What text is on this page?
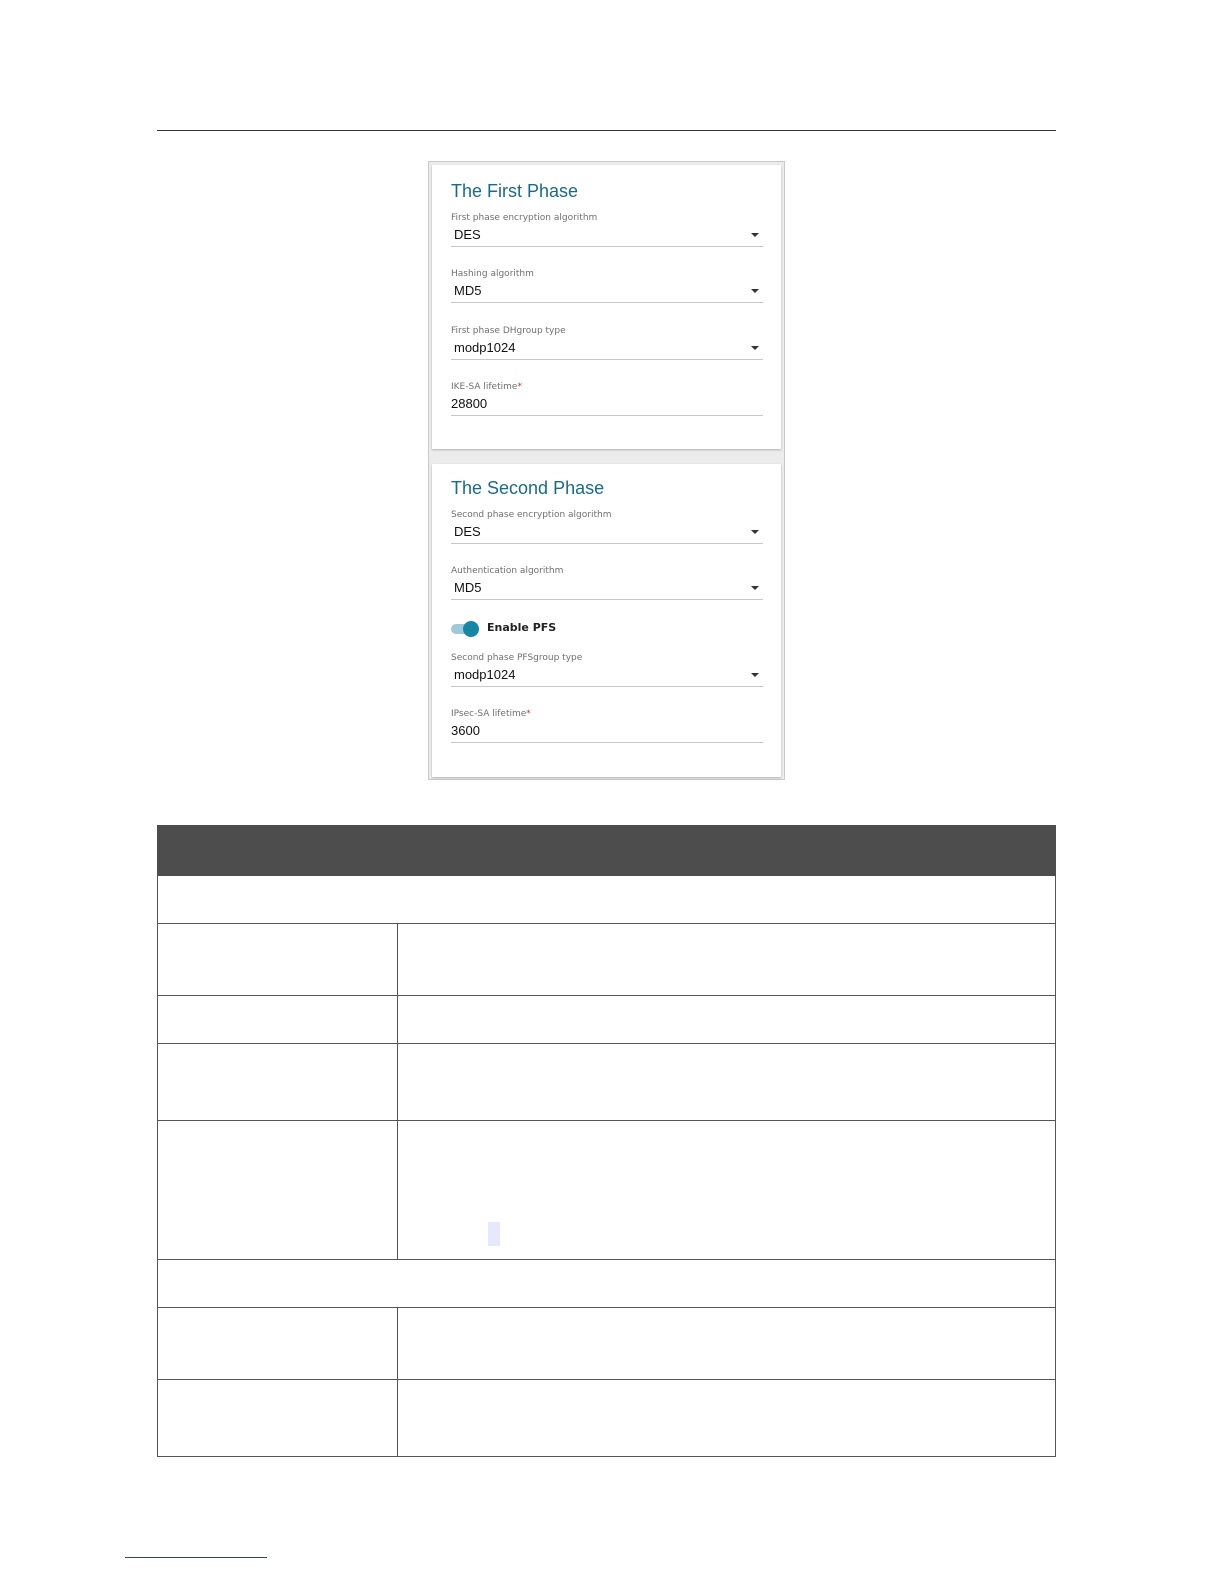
The First Phase
First phase encryption algorithm
DES
Hashing algorithm
MD5
First phase DHgroup type
modp1024
IKE-SA lifetime*
28800
The Second Phase
Second phase encryption algorithm
DES
Authentication algorithm
MD5
Enable PFS
Second phase PFSgroup type
modp1024
IPsec-SA lifetime*
3600
